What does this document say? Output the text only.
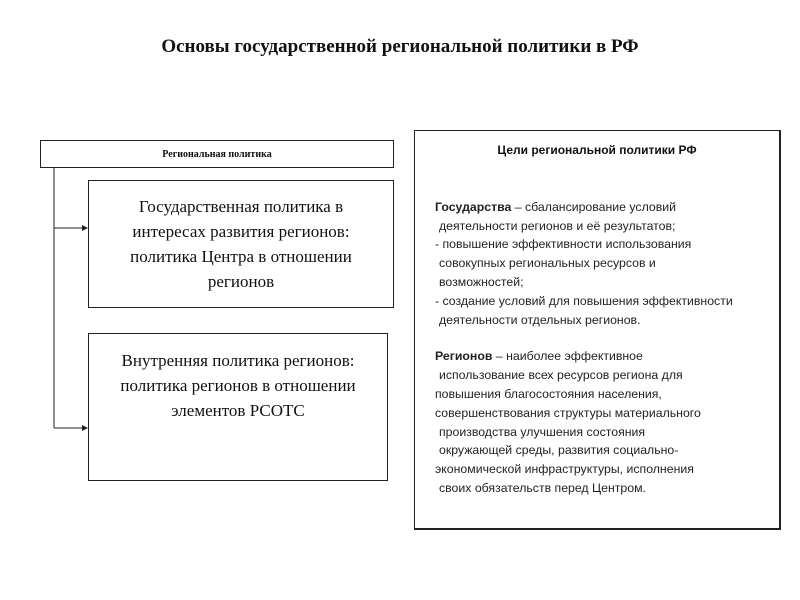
Основы государственной региональной политики в РФ
Региональная политика
Государственная политика в интересах развития регионов: политика Центра в отношении регионов
Внутренняя политика регионов: политика регионов в отношении элементов РСОТС
Цели региональной политики РФ

Государства – сбалансирование условий

деятельности регионов и её результатов;

- повышение эффективности использования

совокупных региональных ресурсов и

возможностей;

- создание условий для повышения эффективности

деятельности отдельных регионов.

Регионов – наиболее эффективное

использование всех ресурсов региона для

повышения благосостояния населения,

совершенствования структуры материального

производства улучшения состояния

окружающей среды, развития социально-

экономической инфраструктуры, исполнения

своих обязательств перед Центром.
